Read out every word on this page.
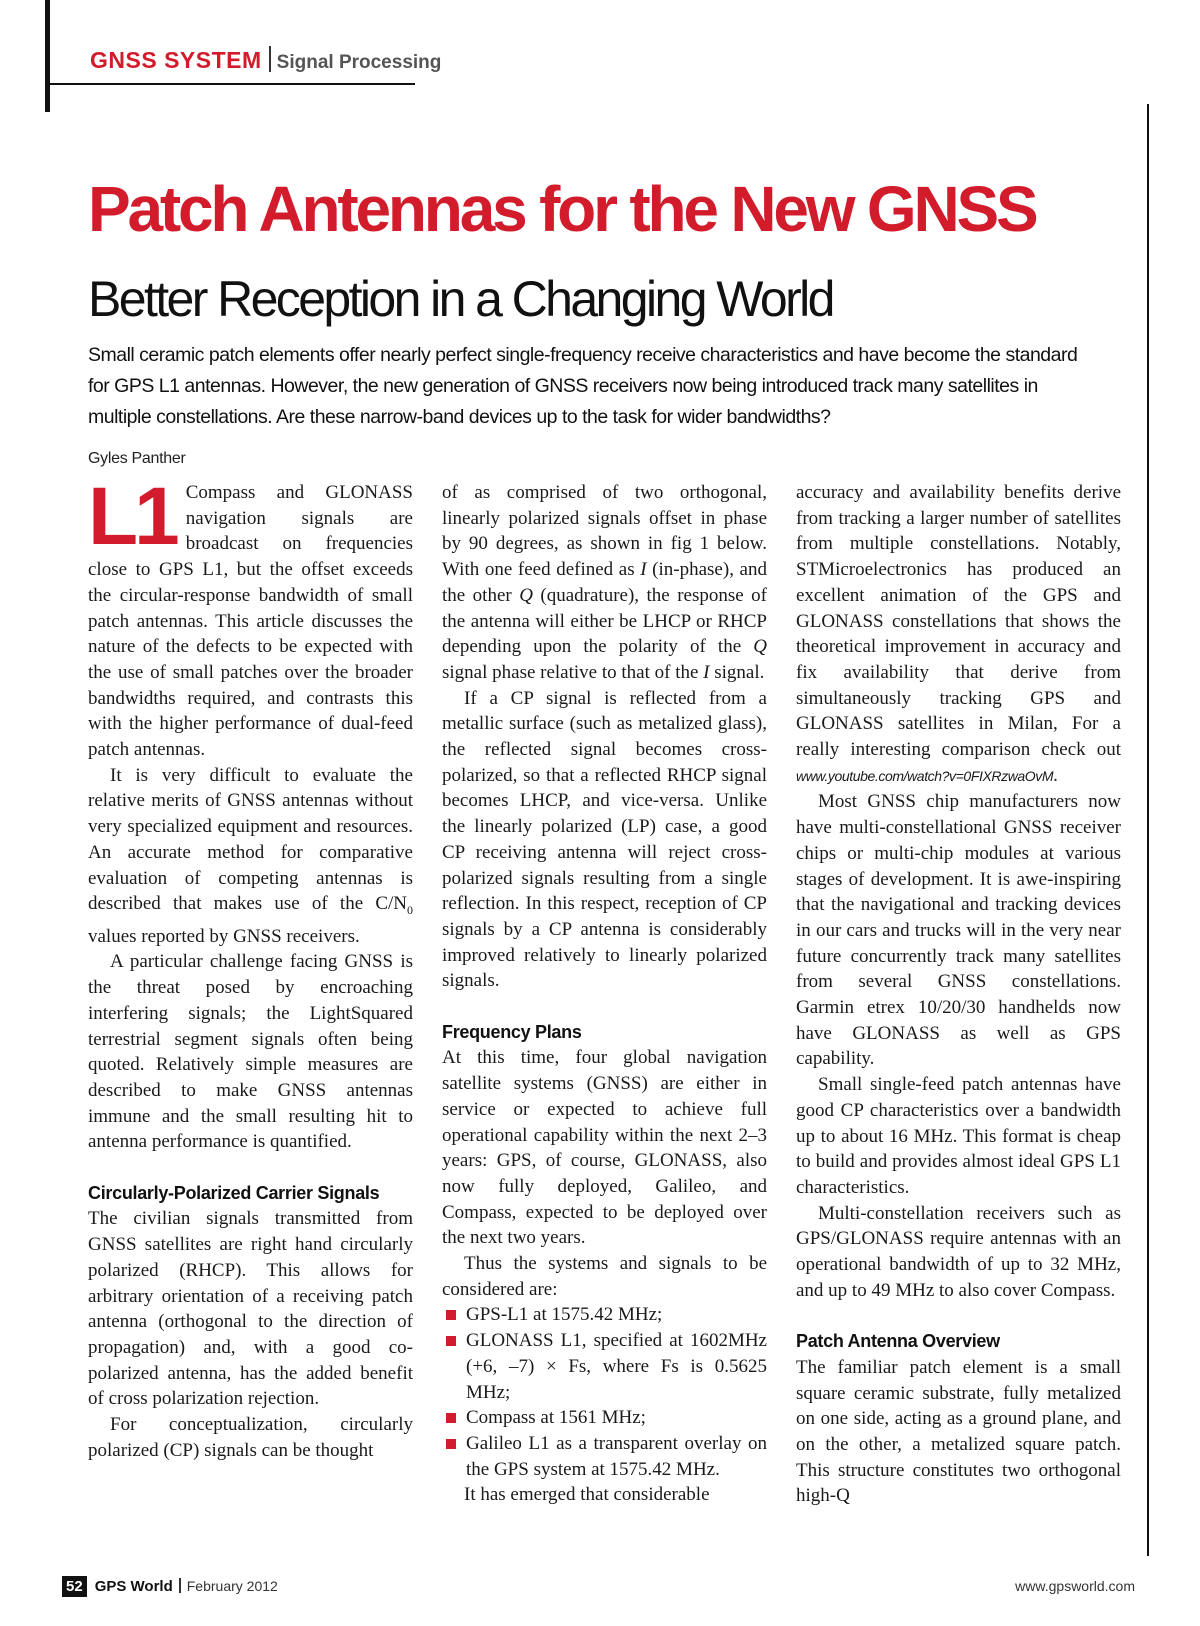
GNSS SYSTEM Signal Processing
Patch Antennas for the New GNSS
Better Reception in a Changing World

Small ceramic patch elements offer nearly perfect single-frequency receive characteristics and have become the standard for GPS L1 antennas. However, the new generation of GNSS receivers now being introduced track many satellites in multiple constellations. Are these narrow-band devices up to the task for wider bandwidths?

Gyles Panther

L1 Compass and GLONASS navigation signals are broadcast on frequencies close to GPS L1, but the offset exceeds the circular-response bandwidth of small patch antennas. This article discusses the nature of the defects to be expected with the use of small patches over the broader bandwidths required, and contrasts this with the higher performance of dual-feed patch antennas.

It is very difficult to evaluate the relative merits of GNSS antennas without very specialized equipment and resources. An accurate method for comparative evaluation of competing antennas is described that makes use of the $C/N_0$ values reported by GNSS receivers.

A particular challenge facing GNSS is the threat posed by encroaching interfering signals; the LightSquared terrestrial segment signals often being quoted. Relatively simple measures are described to make GNSS antennas immune and the small resulting hit to antenna performance is quantified.

Circularly-Polarized Carrier Signals

The civilian signals transmitted from GNSS satellites are right hand circularly polarized (RHCP). This allows for arbitrary orientation of a receiving patch antenna (orthogonal to the direction of propagation) and, with a good co-polarized antenna, has the added benefit of cross polarization rejection.

For conceptualization, circularly polarized (CP) signals can be thought

of as comprised of two orthogonal, linearly polarized signals offset in phase by 90 degrees, as shown in fig 1 below. With one feed defined as I (in-phase), and the other Q (quadrature), the response of the antenna will either be LHCP or RHCP depending upon the polarity of the Q signal phase relative to that of the I signal.

If a CP signal is reflected from a metallic surface (such as metalized glass), the reflected signal becomes cross-polarized, so that a reflected RHCP signal becomes LHCP, and vice-versa. Unlike the linearly polarized (LP) case, a good CP receiving antenna will reject cross-polarized signals resulting from a single reflection. In this respect, reception of CP signals by a CP antenna is considerably improved relatively to linearly polarized signals.

Frequency Plans

At this time, four global navigation satellite systems (GNSS) are either in service or expected to achieve full operational capability within the next 2–3 years: GPS, of course, GLONASS, also now fully deployed, Galileo, and Compass, expected to be deployed over the next two years.

Thus the systems and signals to be considered are:

GPS-L1 at 1575.42 MHz;
GLONASS L1, specified at 1602MHz (+6, –7) × Fs, where Fs is 0.5625 MHz;
Compass at 1561 MHz;
Galileo L1 as a transparent overlay on the GPS system at 1575.42 MHz.

It has emerged that considerable

accuracy and availability benefits derive from tracking a larger number of satellites from multiple constellations. Notably, STMicroelectronics has produced an excellent animation of the GPS and GLONASS constellations that shows the theoretical improvement in accuracy and fix availability that derive from simultaneously tracking GPS and GLONASS satellites in Milan, For a really interesting comparison check out www.youtube.com/watch?v=0FIXRzwaOvM.

Most GNSS chip manufacturers now have multi-constellational GNSS receiver chips or multi-chip modules at various stages of development. It is awe-inspiring that the navigational and tracking devices in our cars and trucks will in the very near future concurrently track many satellites from several GNSS constellations. Garmin etrex 10/20/30 handhelds now have GLONASS as well as GPS capability.

Small single-feed patch antennas have good CP characteristics over a bandwidth up to about 16 MHz. This format is cheap to build and provides almost ideal GPS L1 characteristics.

Multi-constellation receivers such as GPS/GLONASS require antennas with an operational bandwidth of up to 32 MHz, and up to 49 MHz to also cover Compass.

Patch Antenna Overview

The familiar patch element is a small square ceramic substrate, fully metalized on one side, acting as a ground plane, and on the other, a metalized square patch. This structure constitutes two orthogonal high-Q

52 GPS World February 2012	www.gpsworld.com
